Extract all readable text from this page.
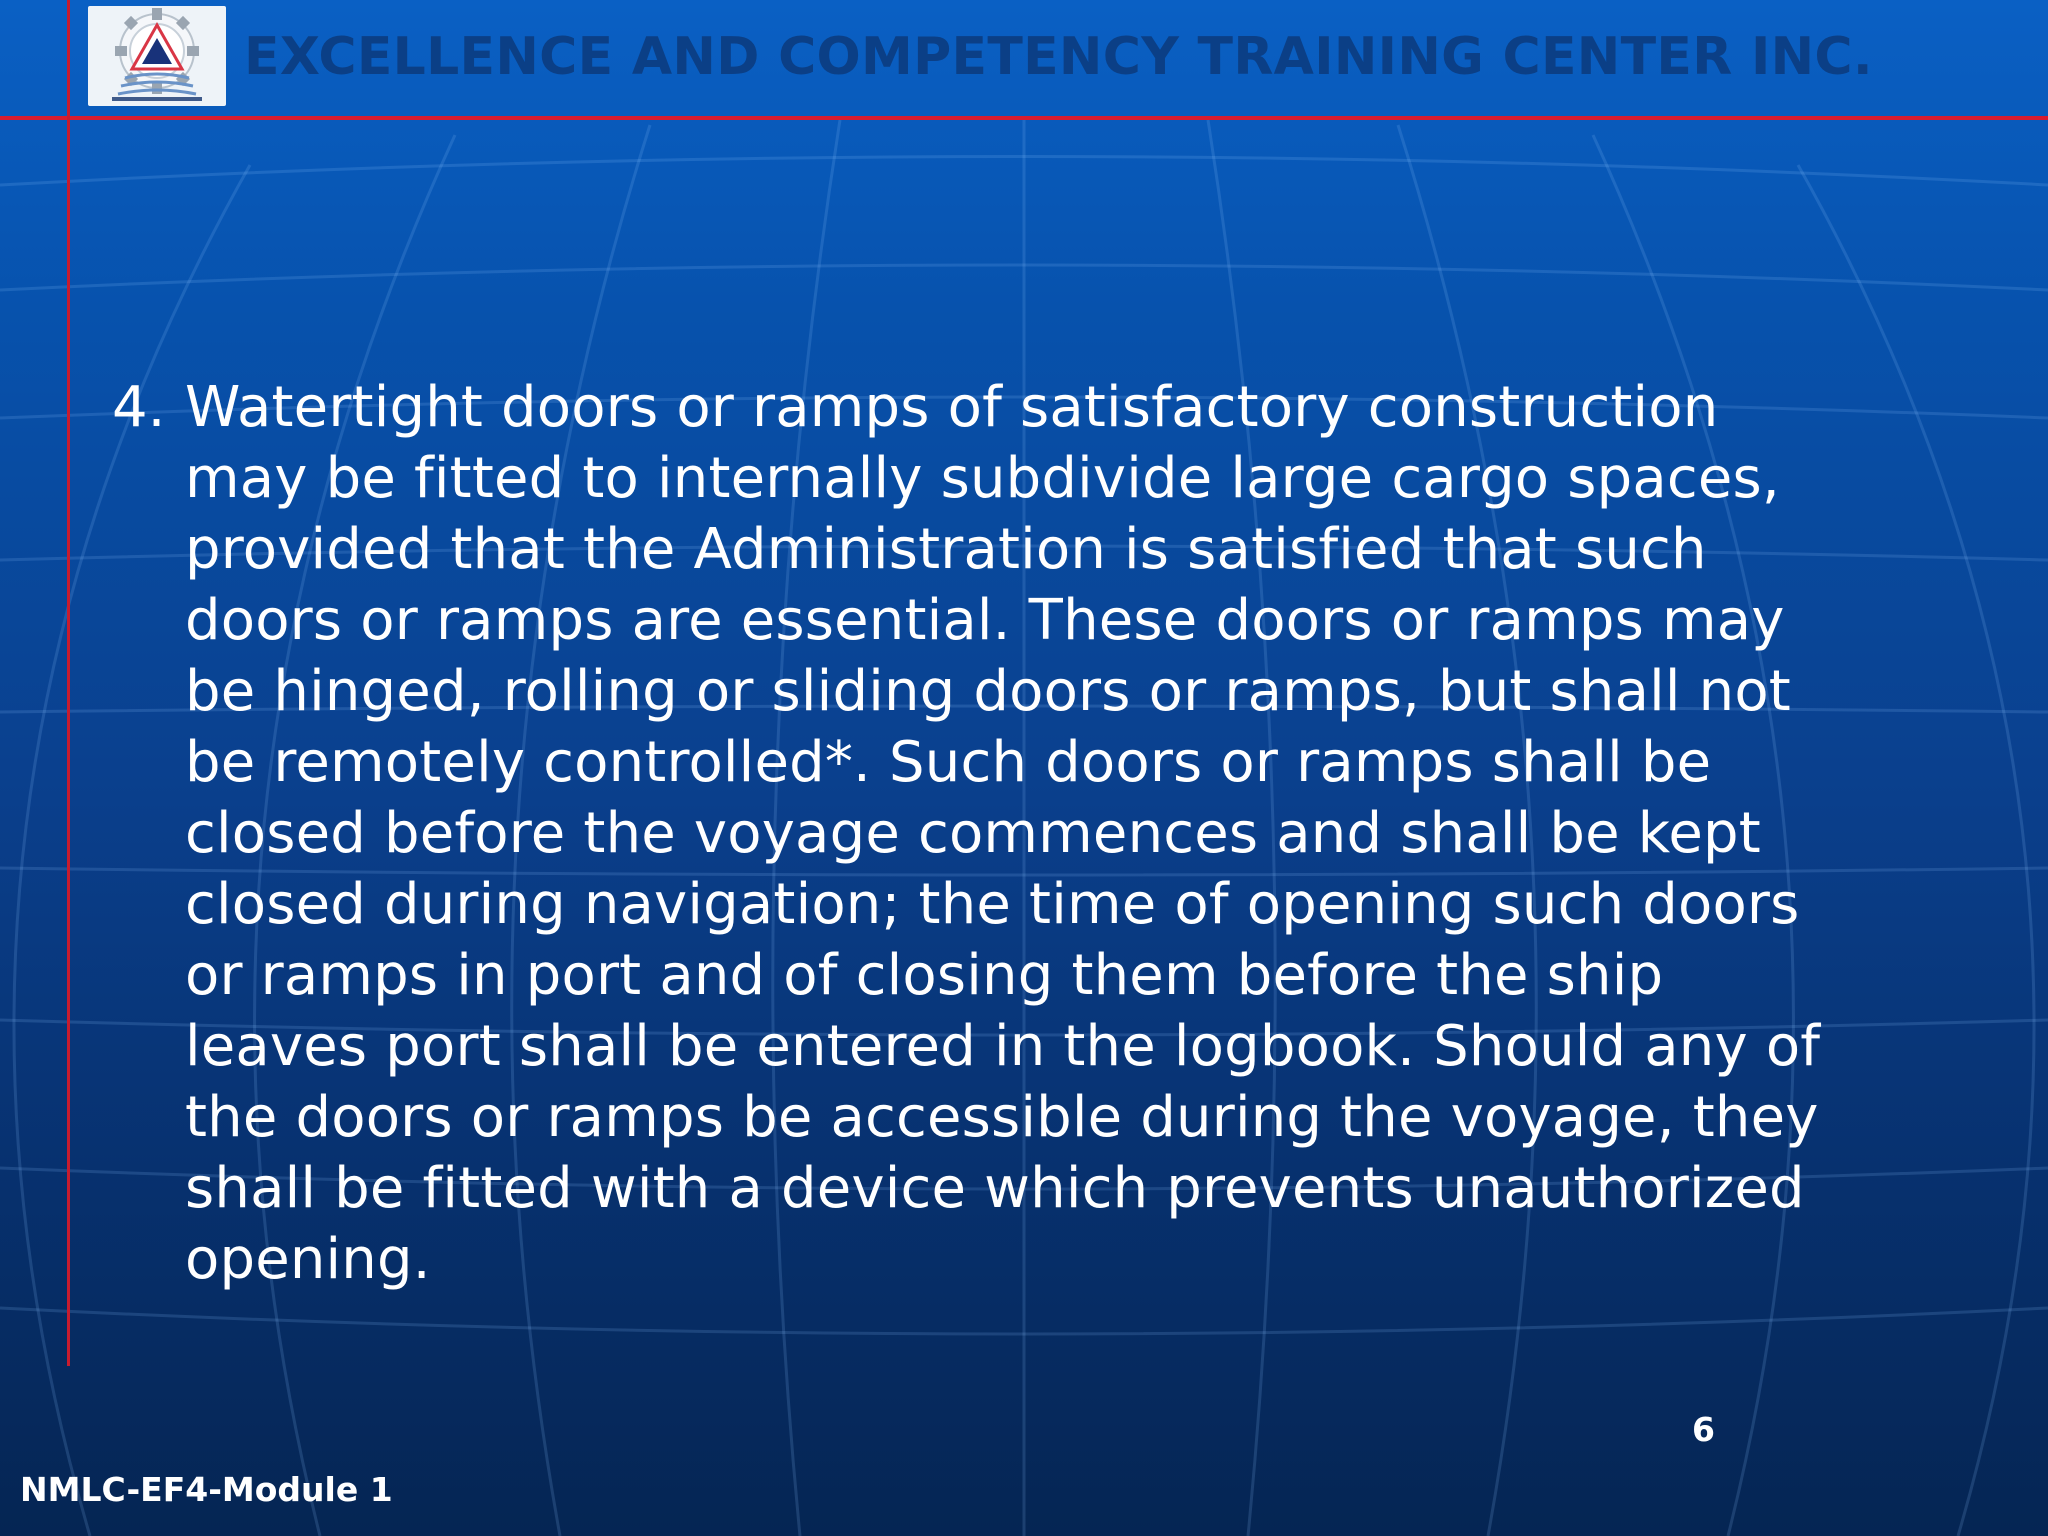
EXCELLENCE AND COMPETENCY TRAINING CENTER INC.
4. Watertight doors or ramps of satisfactory construction
may be fitted to internally subdivide large cargo spaces,
provided that the Administration is satisfied that such
doors or ramps are essential. These doors or ramps may
be hinged, rolling or sliding doors or ramps, but shall not
be remotely controlled*. Such doors or ramps shall be
closed before the voyage commences and shall be kept
closed during navigation; the time of opening such doors
or ramps in port and of closing them before the ship
leaves port shall be entered in the logbook. Should any of
the doors or ramps be accessible during the voyage, they
shall be fitted with a device which prevents unauthorized
opening.
6
NMLC-EF4-Module 1
